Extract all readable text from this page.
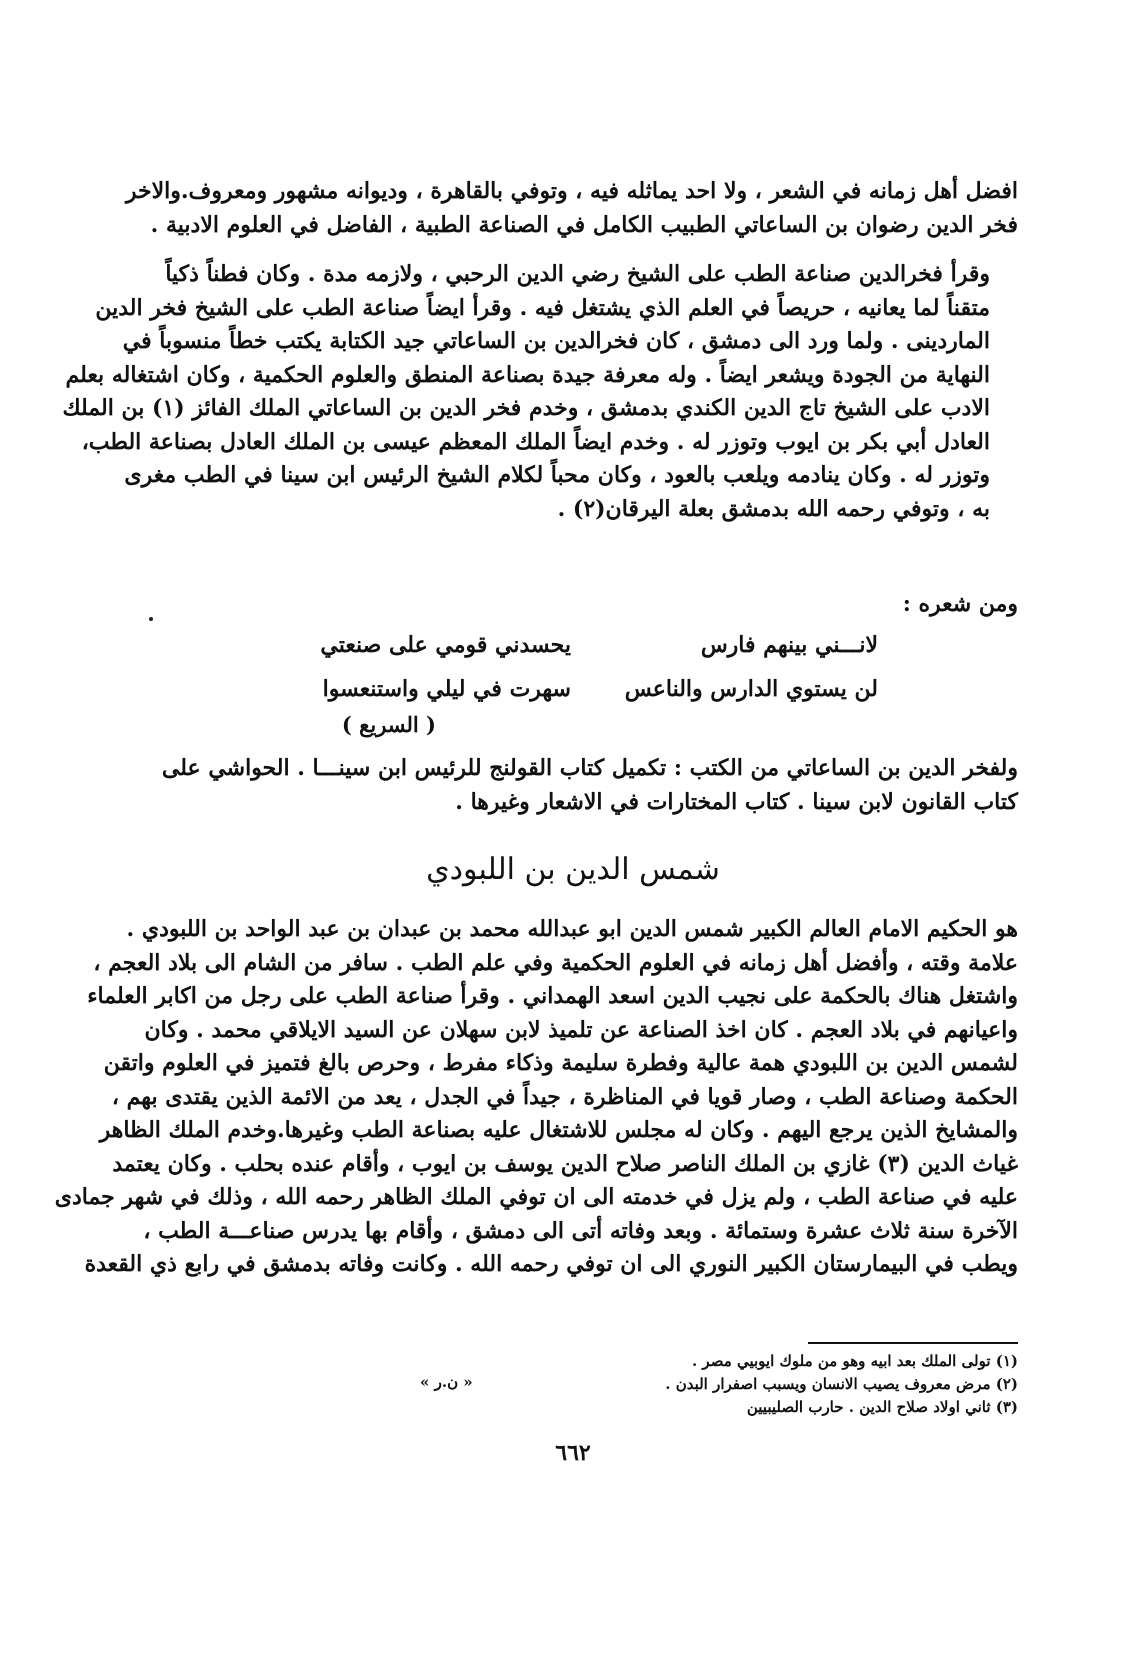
افضل أهل زمانه في الشعر ، ولا احد يماثله فيه ، وتوفي بالقاهرة ، وديوانه مشهور ومعروف.والاخر
فخر الدين رضوان بن الساعاتي الطبيب الكامل في الصناعة الطبية ، الفاضل في العلوم الادبية .
وقرأ فخرالدين صناعة الطب على الشيخ رضي الدين الرحبي ، ولازمه مدة . وكان فطناً ذكياً
متقناً لما يعانيه ، حريصاً في العلم الذي يشتغل فيه . وقرأ ايضاً صناعة الطب على الشيخ فخر الدين
الماردينى . ولما ورد الى دمشق ، كان فخرالدين بن الساعاتي جيد الكتابة يكتب خطاً منسوباً في
النهاية من الجودة ويشعر ايضاً . وله معرفة جيدة بصناعة المنطق والعلوم الحكمية ، وكان اشتغاله بعلم
الادب على الشيخ تاج الدين الكندي بدمشق ، وخدم فخر الدين بن الساعاتي الملك الفائز (١) بن الملك
العادل أبي بكر بن ايوب وتوزر له . وخدم ايضاً الملك المعظم عيسى بن الملك العادل بصناعة الطب،
وتوزر له . وكان ينادمه ويلعب بالعود ، وكان محباً لكلام الشيخ الرئيس ابن سينا في الطب مغرى
به ، وتوفي رحمه الله بدمشق بعلة اليرقان(٢) .
ومن شعره :
يحسدني قومي على صنعتي	لانـــني بينهم فارس
سهرت في ليلي واستنعسوا	لن يستوي الدارس والناعس
( السريع )
ولفخر الدين بن الساعاتي من الكتب : تكميل كتاب القولنج للرئيس ابن سينـــا . الحواشي على
كتاب القانون لابن سينا . كتاب المختارات في الاشعار وغيرها .
شمس الدين بن اللبودي
هو الحكيم الامام العالم الكبير شمس الدين ابو عبدالله محمد بن عبدان بن عبد الواحد بن اللبودي .
علامة وقته ، وأفضل أهل زمانه في العلوم الحكمية وفي علم الطب . سافر من الشام الى بلاد العجم ،
واشتغل هناك بالحكمة على نجيب الدين اسعد الهمداني . وقرأ صناعة الطب على رجل من اكابر العلماء
واعيانهم في بلاد العجم . كان اخذ الصناعة عن تلميذ لابن سهلان عن السيد الايلاقي محمد . وكان
لشمس الدين بن اللبودي همة عالية وفطرة سليمة وذكاء مفرط ، وحرص بالغ فتميز في العلوم واتقن
الحكمة وصناعة الطب ، وصار قويا في المناظرة ، جيداً في الجدل ، يعد من الائمة الذين يقتدى بهم ،
والمشايخ الذين يرجع اليهم . وكان له مجلس للاشتغال عليه بصناعة الطب وغيرها.وخدم الملك الظاهر
غياث الدين (٣) غازي بن الملك الناصر صلاح الدين يوسف بن ايوب ، وأقام عنده بحلب . وكان يعتمد
عليه في صناعة الطب ، ولم يزل في خدمته الى ان توفي الملك الظاهر رحمه الله ، وذلك في شهر جمادى
الآخرة سنة ثلاث عشرة وستمائة . وبعد وفاته أتى الى دمشق ، وأقام بها يدرس صناعـــة الطب ،
ويطب في البيمارستان الكبير النوري الى ان توفي رحمه الله . وكانت وفاته بدمشق في رابع ذي القعدة
(١) تولى الملك بعد ابيه وهو من ملوك ايوبيي مصر .
(٢) مرض معروف يصيب الانسان ويسبب اصفرار البدن .
(٣) ثاني اولاد صلاح الدين . حارب الصليبيين
« ن.ر »
٦٦٢
